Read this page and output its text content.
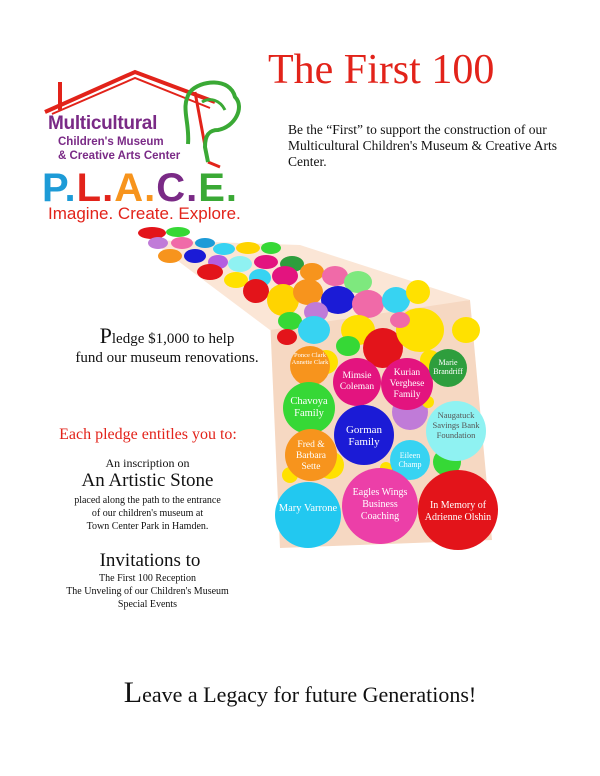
Multicultural
Children's Museum
& Creative Arts Center
P.L.A.C.E.
Imagine. Create. Explore.
The First 100
Be the “First” to support the construction of our Multicultural Children's Museum & Creative Arts Center.
Ponce Clark Annette Clark
Mimsie Coleman
Kurian Verghese Family
Marie Brandriff
Chavoya Family
Gorman Family
Naugatuck Savings Bank Foundation
Fred & Barbara Sette
Eileen Champ
Mary Varrone
Eagles Wings Business Coaching
In Memory of Adrienne Olshin
Pledge $1,000 to help
fund our museum renovations.
Each pledge entitles you to:
An inscription on
An Artistic Stone
placed along the path to the entrance
of our children's museum at
Town Center Park in Hamden.
Invitations to
The First 100 Reception
The Unveling of our Children's Museum
Special Events
Leave a Legacy for future Generations!
